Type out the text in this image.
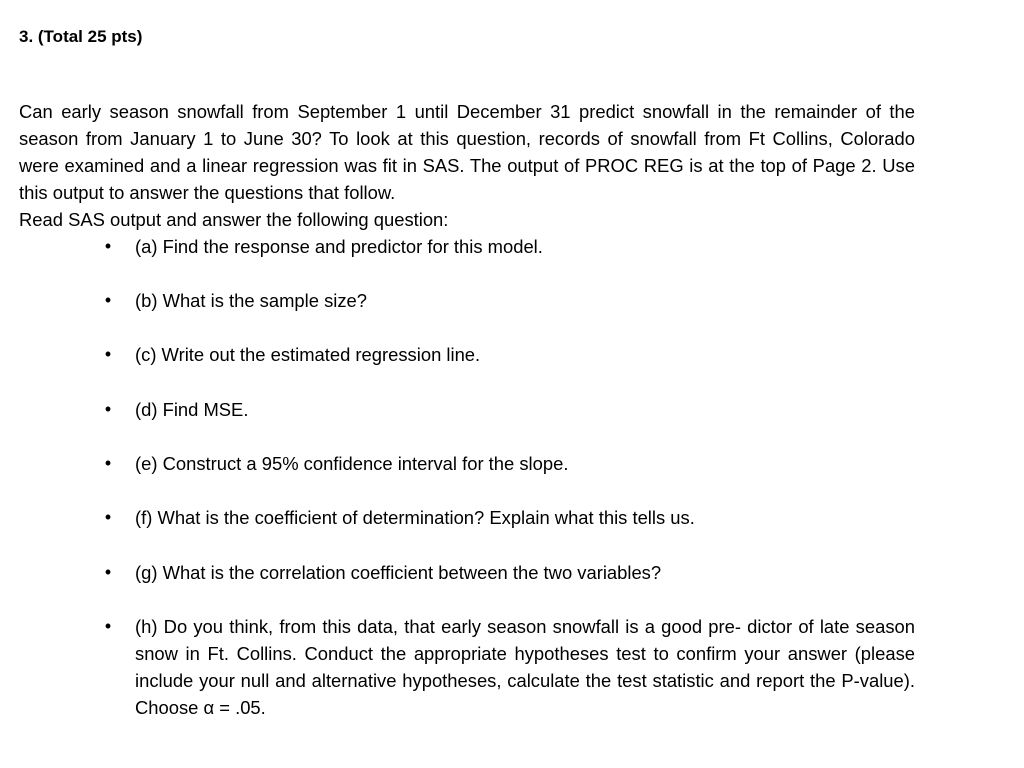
3. (Total 25 pts)

Can early season snowfall from September 1 until December 31 predict snowfall in the remainder of the season from January 1 to June 30? To look at this question, records of snowfall from Ft Collins, Colorado were examined and a linear regression was fit in SAS. The output of PROC REG is at the top of Page 2. Use this output to answer the questions that follow.

Read SAS output and answer the following question:
• (a) Find the response and predictor for this model.
• (b) What is the sample size?
• (c) Write out the estimated regression line.
• (d) Find MSE.
• (e) Construct a 95% confidence interval for the slope.
• (f) What is the coefficient of determination? Explain what this tells us.
• (g) What is the correlation coefficient between the two variables?
• (h) Do you think, from this data, that early season snowfall is a good pre- dictor of late season snow in Ft. Collins. Conduct the appropriate hypotheses test to confirm your answer (please include your null and alternative hypotheses, calculate the test statistic and report the P-value). Choose α = .05.
